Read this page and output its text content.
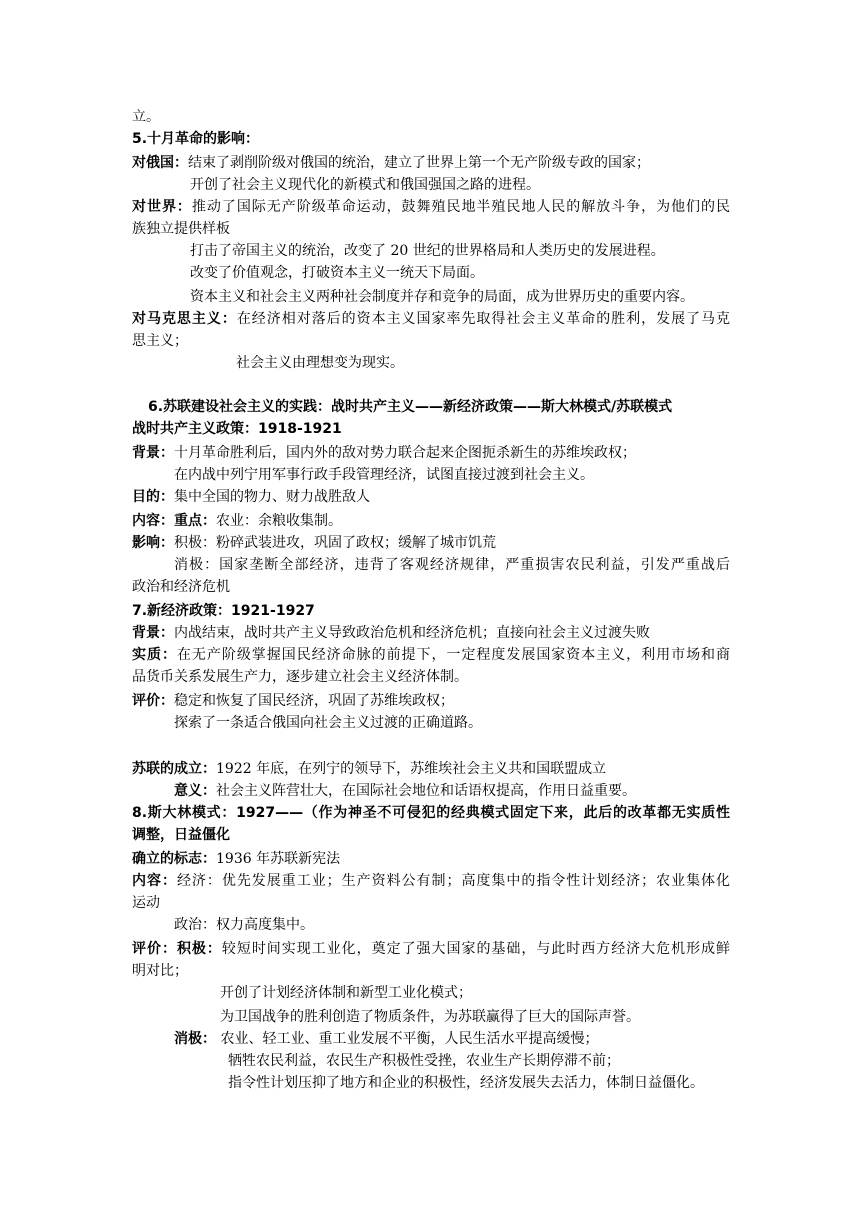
立。
5.十月革命的影响：
对俄国：结束了剥削阶级对俄国的统治，建立了世界上第一个无产阶级专政的国家；
开创了社会主义现代化的新模式和俄国强国之路的进程。
对世界：推动了国际无产阶级革命运动，鼓舞殖民地半殖民地人民的解放斗争，为他们的民
族独立提供样板
打击了帝国主义的统治，改变了 20 世纪的世界格局和人类历史的发展进程。
改变了价值观念，打破资本主义一统天下局面。
资本主义和社会主义两种社会制度并存和竞争的局面，成为世界历史的重要内容。
对马克思主义：在经济相对落后的资本主义国家率先取得社会主义革命的胜利，发展了马克
思主义；
社会主义由理想变为现实。
6.苏联建设社会主义的实践：战时共产主义——新经济政策——斯大林模式/苏联模式
战时共产主义政策：1918-1921
背景：十月革命胜利后，国内外的敌对势力联合起来企图扼杀新生的苏维埃政权；
在内战中列宁用军事行政手段管理经济，试图直接过渡到社会主义。
目的：集中全国的物力、财力战胜敌人
内容：重点：农业：余粮收集制。
影响：积极：粉碎武装进攻，巩固了政权；缓解了城市饥荒
消极：国家垄断全部经济，违背了客观经济规律，严重损害农民利益，引发严重战后
政治和经济危机
7.新经济政策：1921-1927
背景：内战结束，战时共产主义导致政治危机和经济危机；直接向社会主义过渡失败
实质：在无产阶级掌握国民经济命脉的前提下，一定程度发展国家资本主义，利用市场和商
品货币关系发展生产力，逐步建立社会主义经济体制。
评价：稳定和恢复了国民经济，巩固了苏维埃政权；
探索了一条适合俄国向社会主义过渡的正确道路。
苏联的成立：1922 年底，在列宁的领导下，苏维埃社会主义共和国联盟成立
意义：社会主义阵营壮大，在国际社会地位和话语权提高，作用日益重要。
8.斯大林模式：1927——（作为神圣不可侵犯的经典模式固定下来，此后的改革都无实质性
调整，日益僵化
确立的标志：1936 年苏联新宪法
内容：经济：优先发展重工业；生产资料公有制；高度集中的指令性计划经济；农业集体化
运动
政治：权力高度集中。
评价：积极：较短时间实现工业化，奠定了强大国家的基础，与此时西方经济大危机形成鲜
明对比；
开创了计划经济体制和新型工业化模式；
为卫国战争的胜利创造了物质条件，为苏联赢得了巨大的国际声誉。
消极： 农业、轻工业、重工业发展不平衡，人民生活水平提高缓慢；
牺牲农民利益，农民生产积极性受挫，农业生产长期停滞不前；
指令性计划压抑了地方和企业的积极性，经济发展失去活力，体制日益僵化。
